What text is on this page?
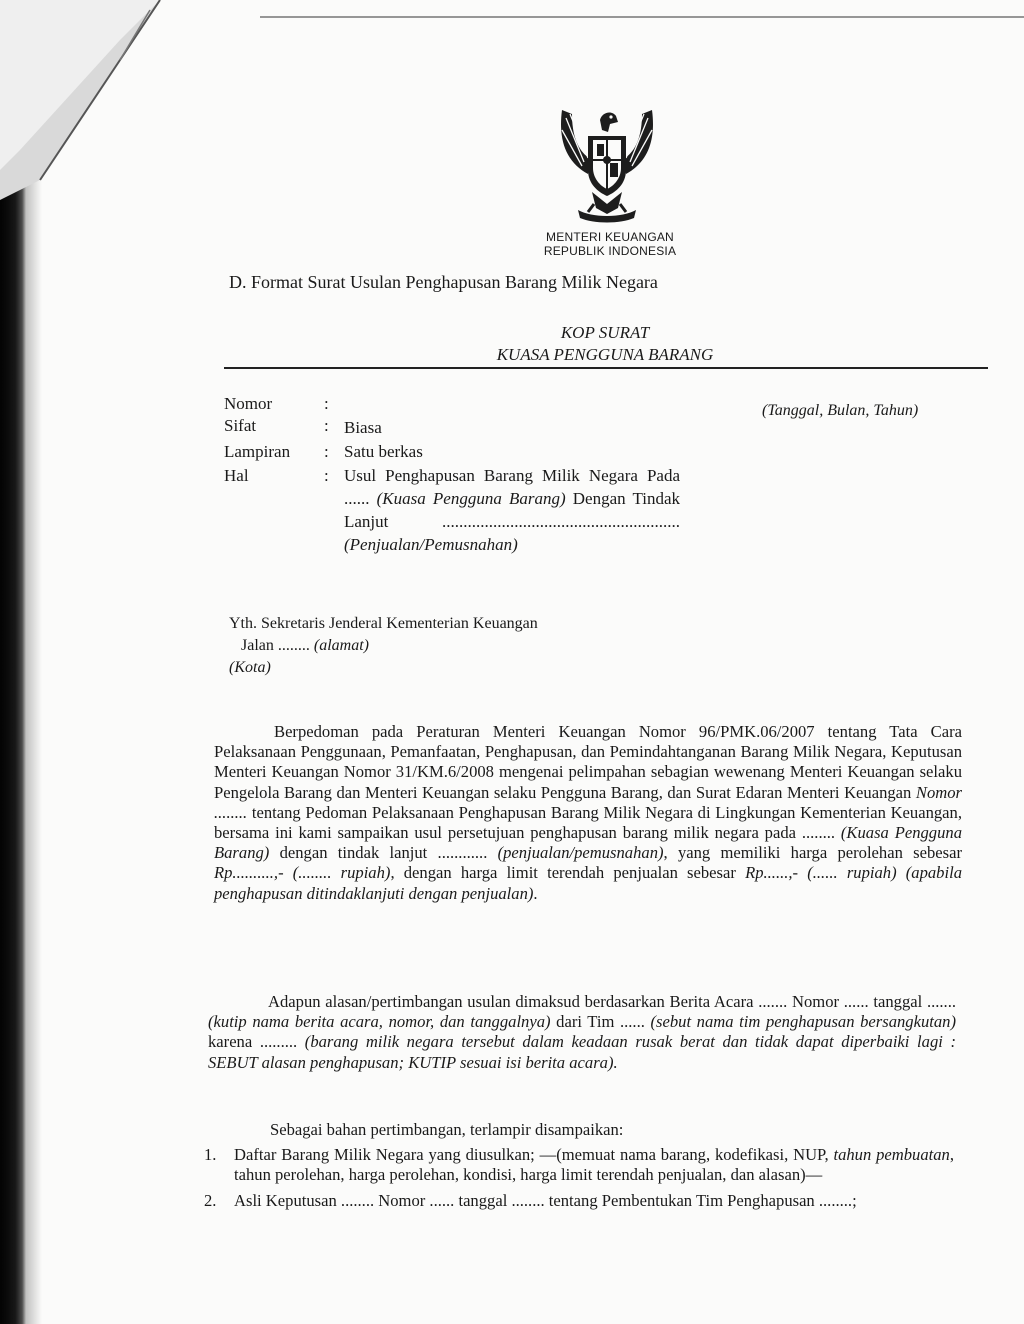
MENTERI KEUANGAN
REPUBLIK INDONESIA
D. Format Surat Usulan Penghapusan Barang Milik Negara
KOP SURAT
KUASA PENGGUNA BARANG
Nomor	:
Sifat	: Biasa
Lampiran : Satu berkas
Hal	: Usul Penghapusan Barang Milik Negara Pada ...... (Kuasa Pengguna Barang) Dengan Tindak Lanjut ........................................................ (Penjualan/Pemusnahan)
(Tanggal, Bulan, Tahun)
Yth. Sekretaris Jenderal Kementerian Keuangan
Jalan ........ (alamat)
(Kota)
Berpedoman pada Peraturan Menteri Keuangan Nomor 96/PMK.06/2007 tentang Tata Cara Pelaksanaan Penggunaan, Pemanfaatan, Penghapusan, dan Pemindahtanganan Barang Milik Negara, Keputusan Menteri Keuangan Nomor 31/KM.6/2008 mengenai pelimpahan sebagian wewenang Menteri Keuangan selaku Pengelola Barang dan Menteri Keuangan selaku Pengguna Barang, dan Surat Edaran Menteri Keuangan Nomor ........ tentang Pedoman Pelaksanaan Penghapusan Barang Milik Negara di Lingkungan Kementerian Keuangan, bersama ini kami sampaikan usul persetujuan penghapusan barang milik negara pada ........ (Kuasa Pengguna Barang) dengan tindak lanjut ............ (penjualan/pemusnahan), yang memiliki harga perolehan sebesar Rp..........,- (........ rupiah), dengan harga limit terendah penjualan sebesar Rp......,- (...... rupiah) (apabila penghapusan ditindaklanjuti dengan penjualan).
Adapun alasan/pertimbangan usulan dimaksud berdasarkan Berita Acara ....... Nomor ...... tanggal ....... (kutip nama berita acara, nomor, dan tanggalnya) dari Tim ...... (sebut nama tim penghapusan bersangkutan) karena ......... (barang milik negara tersebut dalam keadaan rusak berat dan tidak dapat diperbaiki lagi : SEBUT alasan penghapusan; KUTIP sesuai isi berita acara).
Sebagai bahan pertimbangan, terlampir disampaikan:
1. Daftar Barang Milik Negara yang diusulkan; —(memuat nama barang, kodefikasi, NUP, tahun pembuatan, tahun perolehan, harga perolehan, kondisi, harga limit terendah penjualan, dan alasan)—
2. Asli Keputusan ........ Nomor ...... tanggal ........ tentang Pembentukan Tim Penghapusan ........;
